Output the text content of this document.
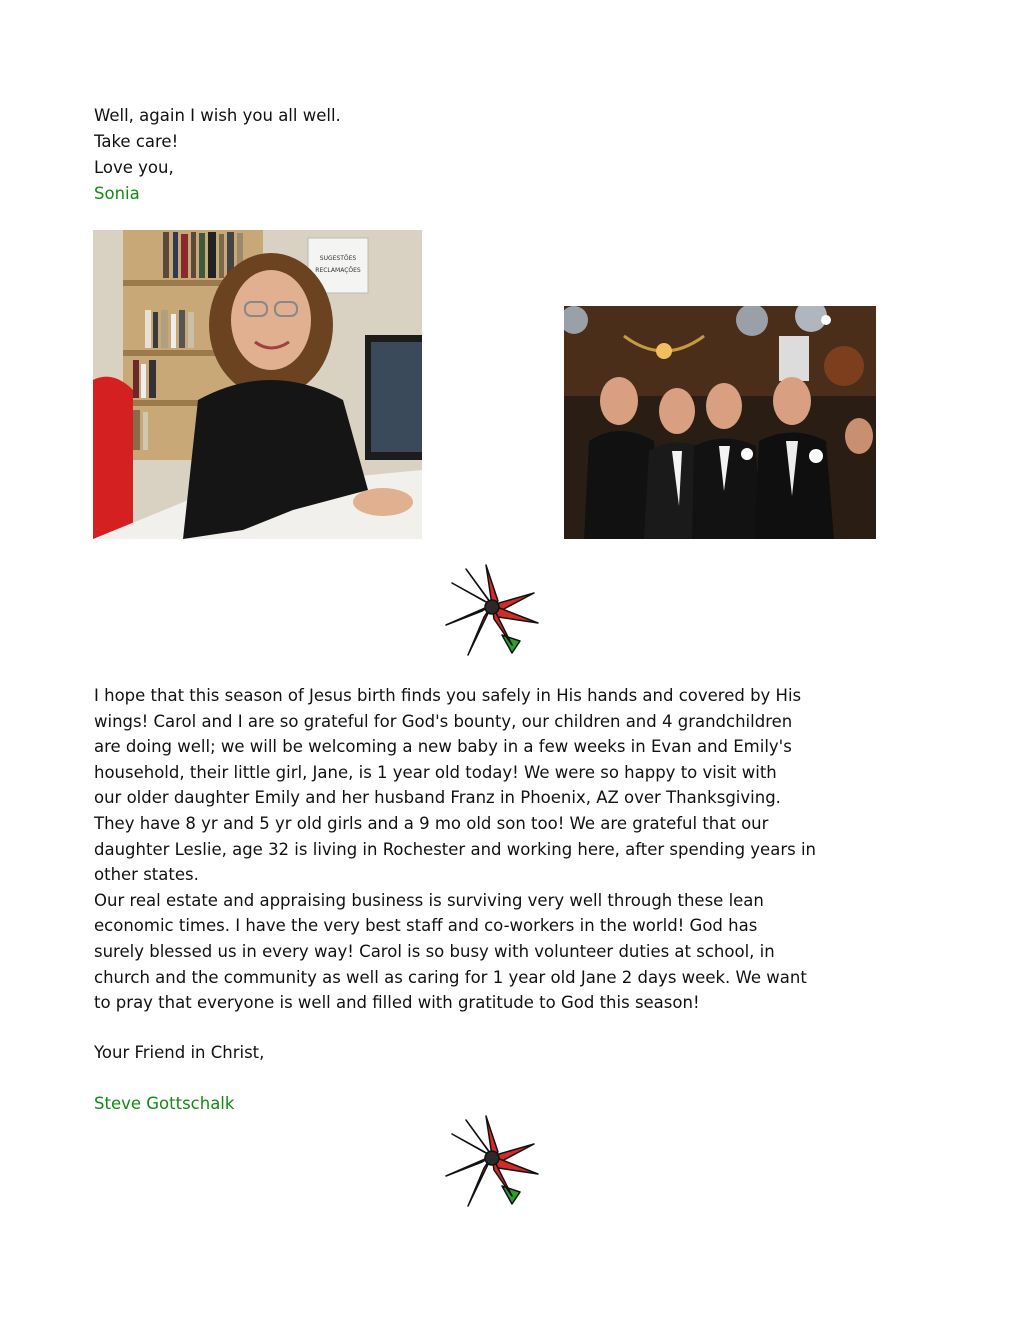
Well, again I wish you all well.
Take care!
Love you,
Sonia
SUGESTÕES
RECLAMAÇÕES

I hope that this season of Jesus birth finds you safely in His hands and covered by His
wings! Carol and I are so grateful for God's bounty, our children and 4 grandchildren
are doing well; we will be welcoming a new baby in a few weeks in Evan and Emily's
household, their little girl, Jane, is 1 year old today! We were so happy to visit with
our older daughter Emily and her husband Franz in Phoenix, AZ over Thanksgiving.
They have 8 yr and 5 yr old girls and a 9 mo old son too! We are grateful that our
daughter Leslie, age 32 is living in Rochester and working here, after spending years in
other states.

Our real estate and appraising business is surviving very well through these lean
economic times. I have the very best staff and co-workers in the world! God has
surely blessed us in every way! Carol is so busy with volunteer duties at school, in
church and the community as well as caring for 1 year old Jane 2 days week. We want
to pray that everyone is well and filled with gratitude to God this season!

Your Friend in Christ,
Steve Gottschalk
